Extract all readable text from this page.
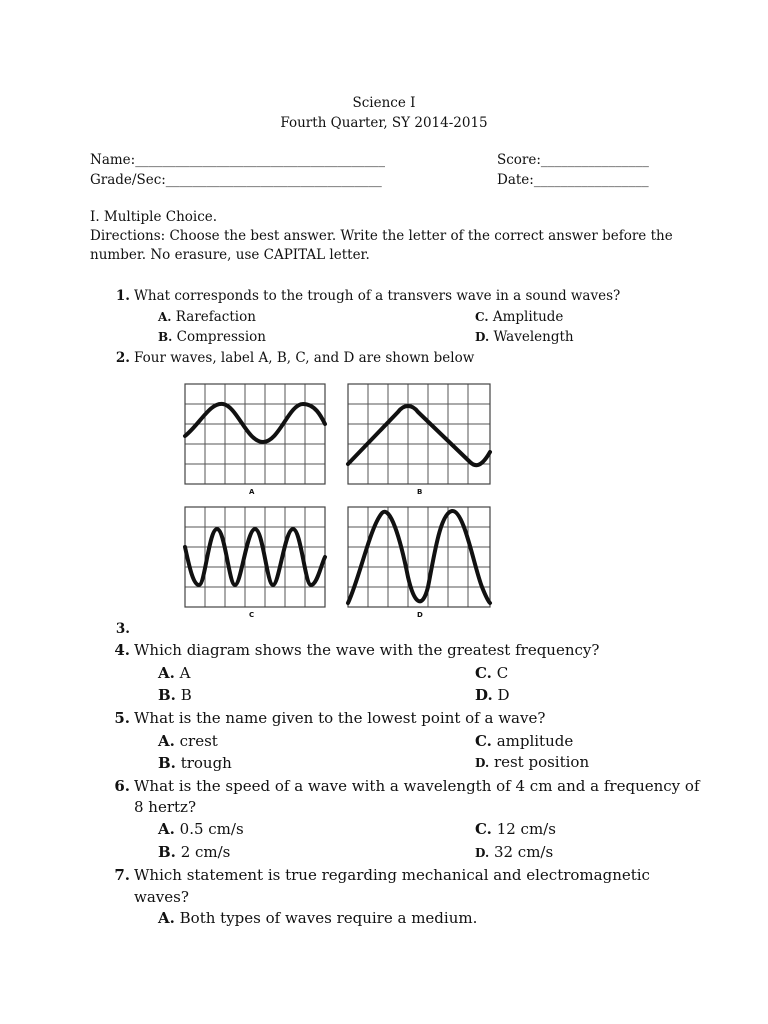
Science I
Fourth Quarter, SY 2014-2015
Name:_____________________________________	Score:________________
Grade/Sec:________________________________	Date:_________________
I. Multiple Choice.
Directions: Choose the best answer. Write the letter of the correct answer before the
number. No erasure, use CAPITAL letter.
1. What corresponds to the trough of a transvers wave in a sound waves?
A. Rarefaction
B. Compression
C. Amplitude
D. Wavelength
2. Four waves, label A, B, C, and D are shown below
A	B
C	D
3.
4. Which diagram shows the wave with the greatest frequency?
A. A
B. B
C. C
D. D
5. What is the name given to the lowest point of a wave?
A. crest
B. trough
C. amplitude
D. rest position
6. What is the speed of a wave with a wavelength of 4 cm and a frequency of
8 hertz?
A. 0.5 cm/s
B. 2 cm/s
C. 12 cm/s
D. 32 cm/s
7. Which statement is true regarding mechanical and electromagnetic
waves?
A. Both types of waves require a medium.
